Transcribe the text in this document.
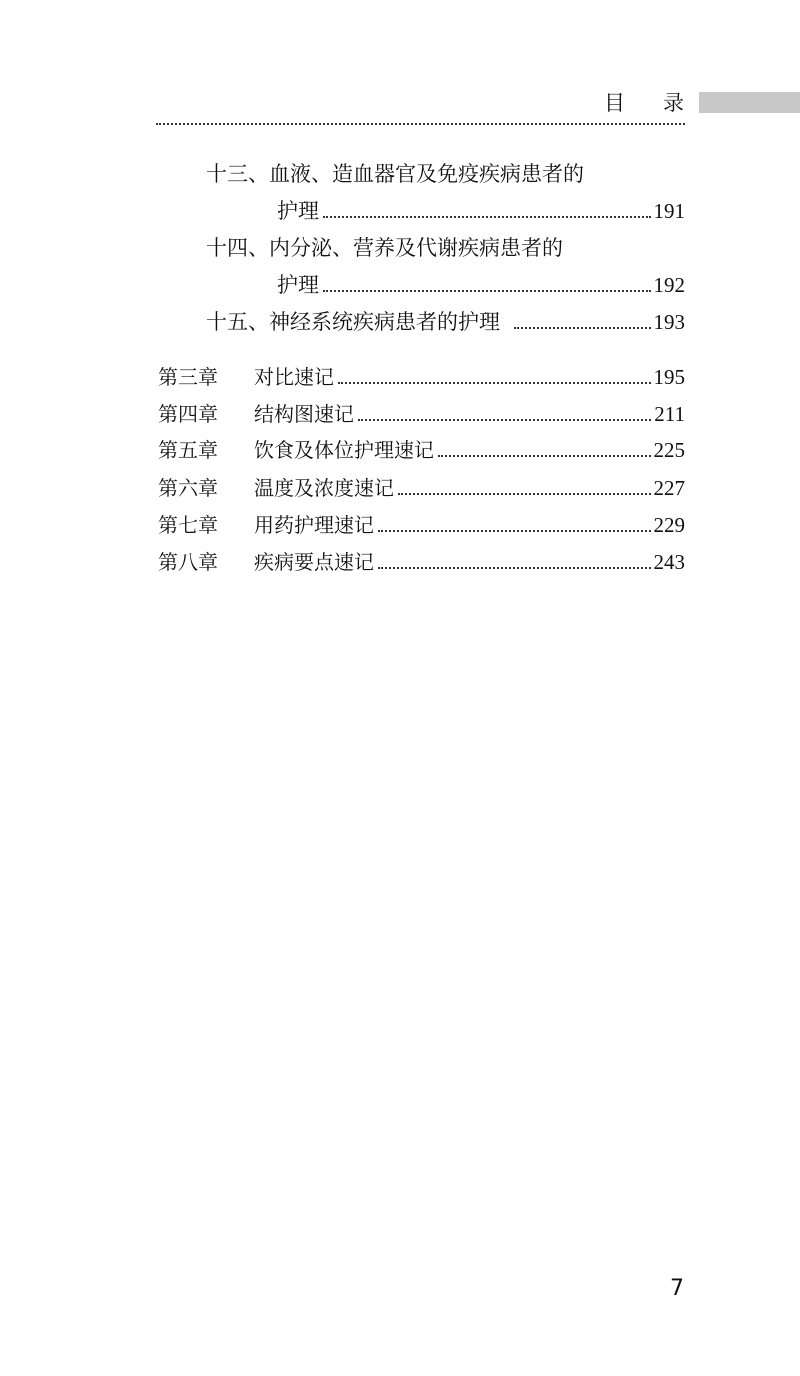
目 录
十三、血液、造血器官及免疫疾病患者的
护理	191
十四、内分泌、营养及代谢疾病患者的
护理	192
十五、神经系统疾病患者的护理	193
第三章 对比速记	195
第四章 结构图速记	211
第五章 饮食及体位护理速记	225
第六章 温度及浓度速记	227
第七章 用药护理速记	229
第八章 疾病要点速记	243
7
